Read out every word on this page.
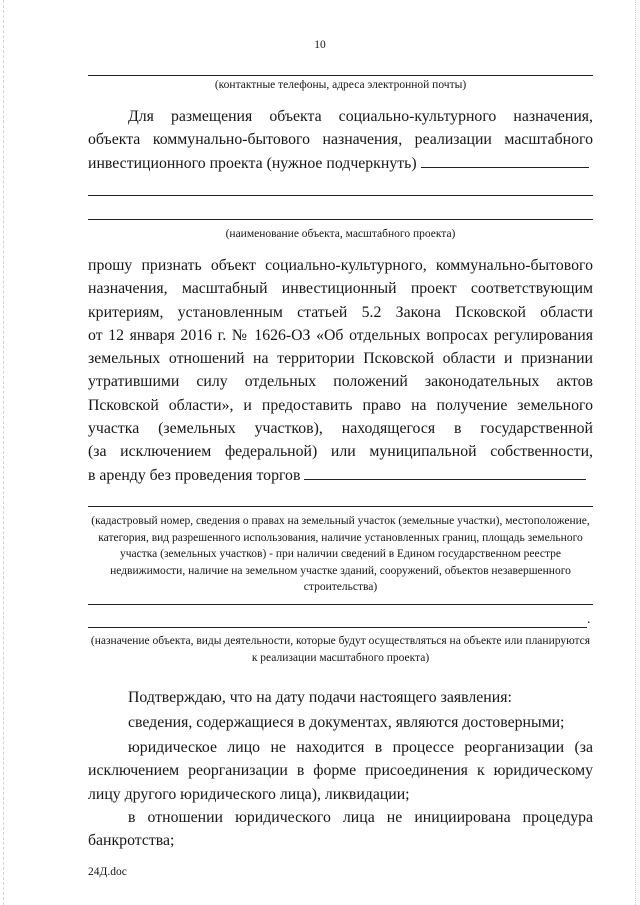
10
(контактные телефоны, адреса электронной почты)
Для размещения объекта социально-культурного назначения,
объекта коммунально-бытового назначения, реализации масштабного
инвестиционного проекта (нужное подчеркнуть)
(наименование объекта, масштабного проекта)
прошу признать объект социально-культурного, коммунально-бытового
назначения, масштабный инвестиционный проект соответствующим
критериям, установленным статьей 5.2 Закона Псковской области
от 12 января 2016 г. № 1626-ОЗ «Об отдельных вопросах регулирования
земельных отношений на территории Псковской области и признании
утратившими силу отдельных положений законодательных актов
Псковской области», и предоставить право на получение земельного
участка (земельных участков), находящегося в государственной
(за исключением федеральной) или муниципальной собственности,
в аренду без проведения торгов
(кадастровый номер, сведения о правах на земельный участок (земельные участки), местоположение, категория, вид разрешенного использования, наличие установленных границ, площадь земельного участка (земельных участков) - при наличии сведений в Едином государственном реестре недвижимости, наличие на земельном участке зданий, сооружений, объектов незавершенного строительства)
.
(назначение объекта, виды деятельности, которые будут осуществляться на объекте или планируются к реализации масштабного проекта)
Подтверждаю, что на дату подачи настоящего заявления:
сведения, содержащиеся в документах, являются достоверными;
юридическое лицо не находится в процессе реорганизации (за
исключением реорганизации в форме присоединения к юридическому
лицу другого юридического лица), ликвидации;
в отношении юридического лица не инициирована процедура
банкротства;
24Д.doc
